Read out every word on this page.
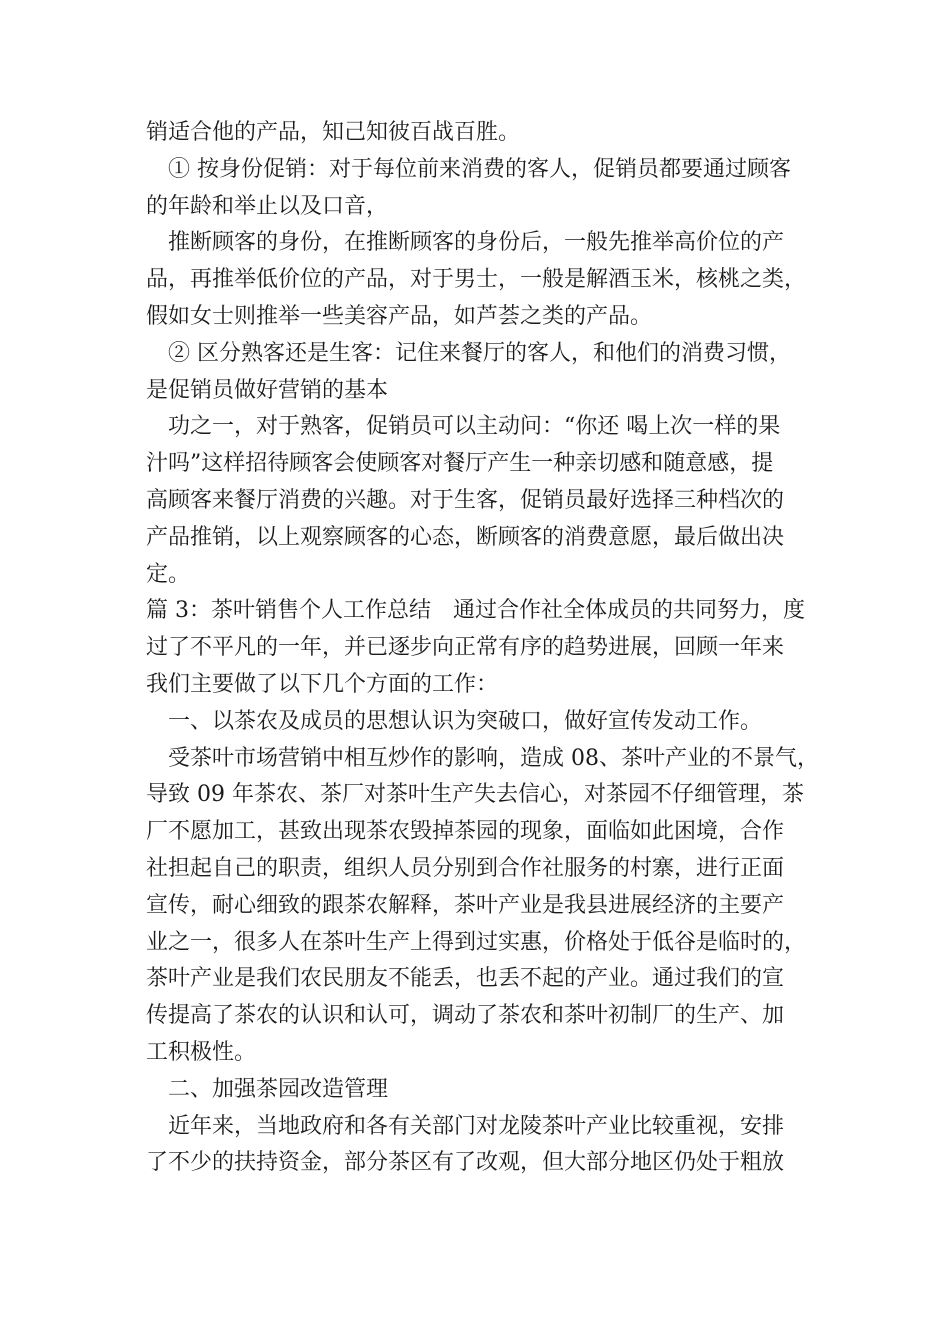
销适合他的产品，知己知彼百战百胜。
① 按身份促销：对于每位前来消费的客人，促销员都要通过顾客
的年龄和举止以及口音，
推断顾客的身份，在推断顾客的身份后，一般先推举高价位的产
品，再推举低价位的产品，对于男士，一般是解酒玉米，核桃之类，
假如女士则推举一些美容产品，如芦荟之类的产品。
② 区分熟客还是生客：记住来餐厅的客人，和他们的消费习惯，
是促销员做好营销的基本
功之一，对于熟客，促销员可以主动问：“你还 喝上次一样的果
汁吗”这样招待顾客会使顾客对餐厅产生一种亲切感和随意感，提
高顾客来餐厅消费的兴趣。对于生客，促销员最好选择三种档次的
产品推销，以上观察顾客的心态，断顾客的消费意愿，最后做出决
定。
篇 3：茶叶销售个人工作总结　通过合作社全体成员的共同努力，度
过了不平凡的一年，并已逐步向正常有序的趋势进展，回顾一年来
我们主要做了以下几个方面的工作：
一、以茶农及成员的思想认识为突破口，做好宣传发动工作。
受茶叶市场营销中相互炒作的影响，造成 08、茶叶产业的不景气，
导致 09 年茶农、茶厂对茶叶生产失去信心，对茶园不仔细管理，茶
厂不愿加工，甚致出现茶农毁掉茶园的现象，面临如此困境，合作
社担起自己的职责，组织人员分别到合作社服务的村寨，进行正面
宣传，耐心细致的跟茶农解释，茶叶产业是我县进展经济的主要产
业之一，很多人在茶叶生产上得到过实惠，价格处于低谷是临时的，
茶叶产业是我们农民朋友不能丢，也丢不起的产业。通过我们的宣
传提高了茶农的认识和认可，调动了茶农和茶叶初制厂的生产、加
工积极性。
二、加强茶园改造管理
近年来，当地政府和各有关部门对龙陵茶叶产业比较重视，安排
了不少的扶持资金，部分茶区有了改观，但大部分地区仍处于粗放
